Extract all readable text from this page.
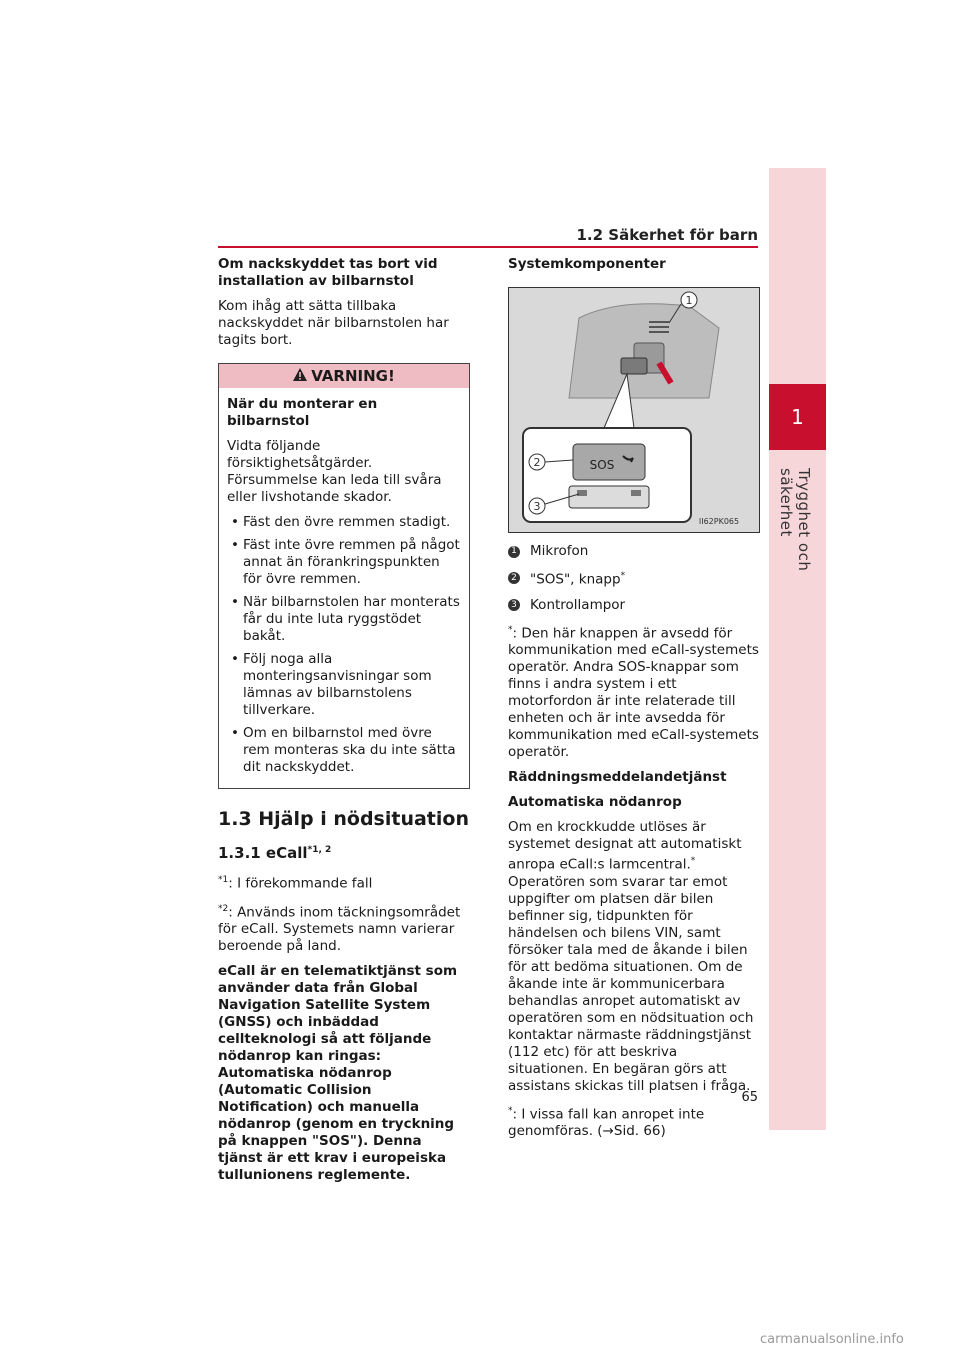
1
Trygghet och säkerhet
1.2 Säkerhet för barn

Om nackskyddet tas bort vid installation av bilbarnstol

Kom ihåg att sätta tillbaka nackskyddet när bilbarnstolen har tagits bort.

VARNING!

När du monterar en bilbarnstol

Vidta följande försiktighetsåtgärder. Försummelse kan leda till svåra eller livshotande skador.

• Fäst den övre remmen stadigt.
• Fäst inte övre remmen på något annat än förankringspunkten för övre remmen.
• När bilbarnstolen har monterats får du inte luta ryggstödet bakåt.
• Följ noga alla monteringsanvisningar som lämnas av bilbarnstolens tillverkare.
• Om en bilbarnstol med övre rem monteras ska du inte sätta dit nackskyddet.
1.3 Hjälp i nödsituation
1.3.1 eCall$^{*1, 2}$

$^{*1}$: I förekommande fall

$^{*2}$: Används inom täckningsområdet för eCall. Systemets namn varierar beroende på land.

eCall är en telematiktjänst som använder data från Global Navigation Satellite System (GNSS) och inbäddad cellteknologi så att följande nödanrop kan ringas: Automatiska nödanrop (Automatic Collision Notification) och manuella nödanrop (genom en tryckning på knappen "SOS"). Denna tjänst är ett krav i europeiska tullunionens reglemente.

Systemkomponenter

1
SOS
2
3
II62PK065
1 Mikrofon
2 "SOS", knapp*
3 Kontrollampor

*: Den här knappen är avsedd för kommunikation med eCall-systemets operatör. Andra SOS-knappar som finns i andra system i ett motorfordon är inte relaterade till enheten och är inte avsedda för kommunikation med eCall-systemets operatör.

Räddningsmeddelandetjänst

Automatiska nödanrop

Om en krockkudde utlöses är systemet designat att automatiskt anropa eCall:s larmcentral.* Operatören som svarar tar emot uppgifter om platsen där bilen befinner sig, tidpunkten för händelsen och bilens VIN, samt försöker tala med de åkande i bilen för att bedöma situationen. Om de åkande inte är kommunicerbara behandlas anropet automatiskt av operatören som en nödsituation och kontaktar närmaste räddningstjänst (112 etc) för att beskriva situationen. En begäran görs att assistans skickas till platsen i fråga.

*: I vissa fall kan anropet inte genomföras. (→Sid. 66)

65
carmanualsonline.info
